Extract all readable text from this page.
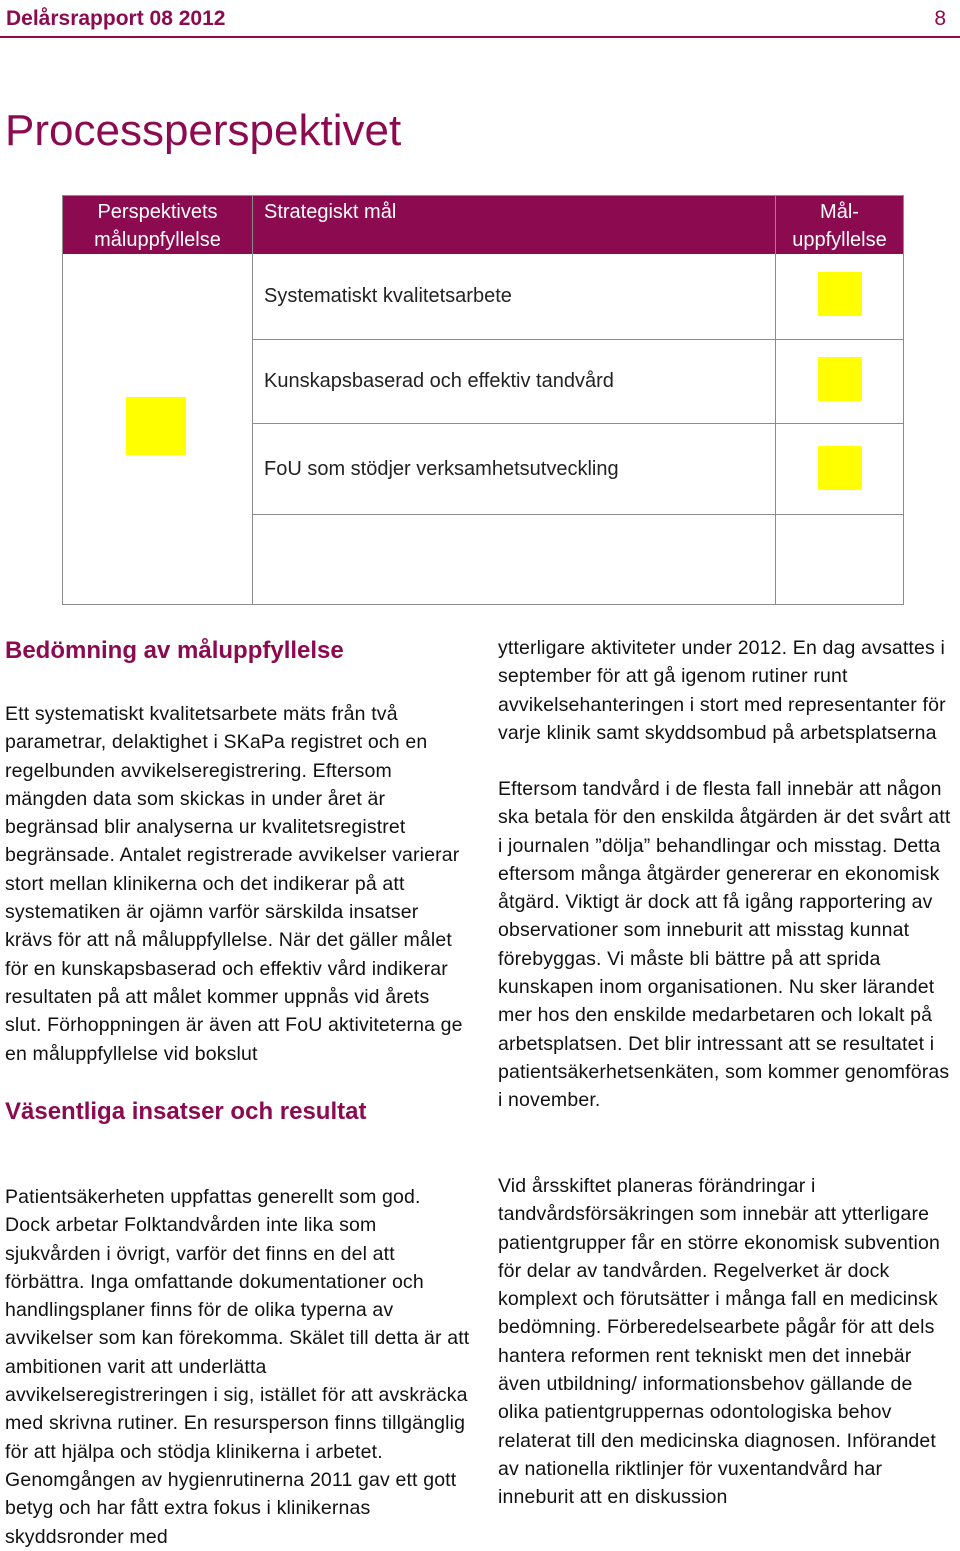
Delårsrapport 08 2012	8
Processperspektivet
Perspektivets
måluppfyllelse
Strategiskt mål	Mål-
uppfyllelse
Systematiskt kvalitetsarbete
Kunskapsbaserad och effektiv tandvård
FoU som stödjer verksamhetsutveckling
Bedömning av måluppfyllelse

Ett systematiskt kvalitetsarbete mäts från två parametrar, delaktighet i SKaPa registret och en regelbunden avvikelseregistrering. Eftersom mängden data som skickas in under året är begränsad blir analyserna ur kvalitetsregistret begränsade. Antalet registrerade avvikelser varierar stort mellan klinikerna och det indikerar på att systematiken är ojämn varför särskilda insatser krävs för att nå måluppfyllelse. När det gäller målet för en kunskapsbaserad och effektiv vård indikerar resultaten på att målet kommer uppnås vid årets slut. Förhoppningen är även att FoU aktiviteterna ge en måluppfyllelse vid bokslut

Väsentliga insatser och resultat

Patientsäkerheten uppfattas generellt som god. Dock arbetar Folktandvården inte lika som sjukvården i övrigt, varför det finns en del att förbättra. Inga omfattande dokumentationer och handlingsplaner finns för de olika typerna av avvikelser som kan förekomma. Skälet till detta är att ambitionen varit att underlätta avvikelseregistreringen i sig, istället för att avskräcka med skrivna rutiner. En resursperson finns tillgänglig för att hjälpa och stödja klinikerna i arbetet. Genomgången av hygienrutinerna 2011 gav ett gott betyg och har fått extra fokus i klinikernas skyddsronder med

ytterligare aktiviteter under 2012. En dag avsattes i september för att gå igenom rutiner runt avvikelsehanteringen i stort med representanter för varje klinik samt skyddsombud på arbetsplatserna

Eftersom tandvård i de flesta fall innebär att någon ska betala för den enskilda åtgärden är det svårt att i journalen ”dölja” behandlingar och misstag. Detta eftersom många åtgärder genererar en ekonomisk åtgärd. Viktigt är dock att få igång rapportering av observationer som inneburit att misstag kunnat förebyggas. Vi måste bli bättre på att sprida kunskapen inom organisationen. Nu sker lärandet mer hos den enskilde medarbetaren och lokalt på arbetsplatsen. Det blir intressant att se resultatet i patientsäkerhetsenkäten, som kommer genomföras i november.

Vid årsskiftet planeras förändringar i tandvårdsförsäkringen som innebär att ytterligare patientgrupper får en större ekonomisk subvention för delar av tandvården. Regelverket är dock komplext och förutsätter i många fall en medicinsk bedömning. Förberedelsearbete pågår för att dels hantera reformen rent tekniskt men det innebär även utbildning/ informationsbehov gällande de olika patientgruppernas odontologiska behov relaterat till den medicinska diagnosen. Införandet av nationella riktlinjer för vuxentandvård har inneburit att en diskussion
